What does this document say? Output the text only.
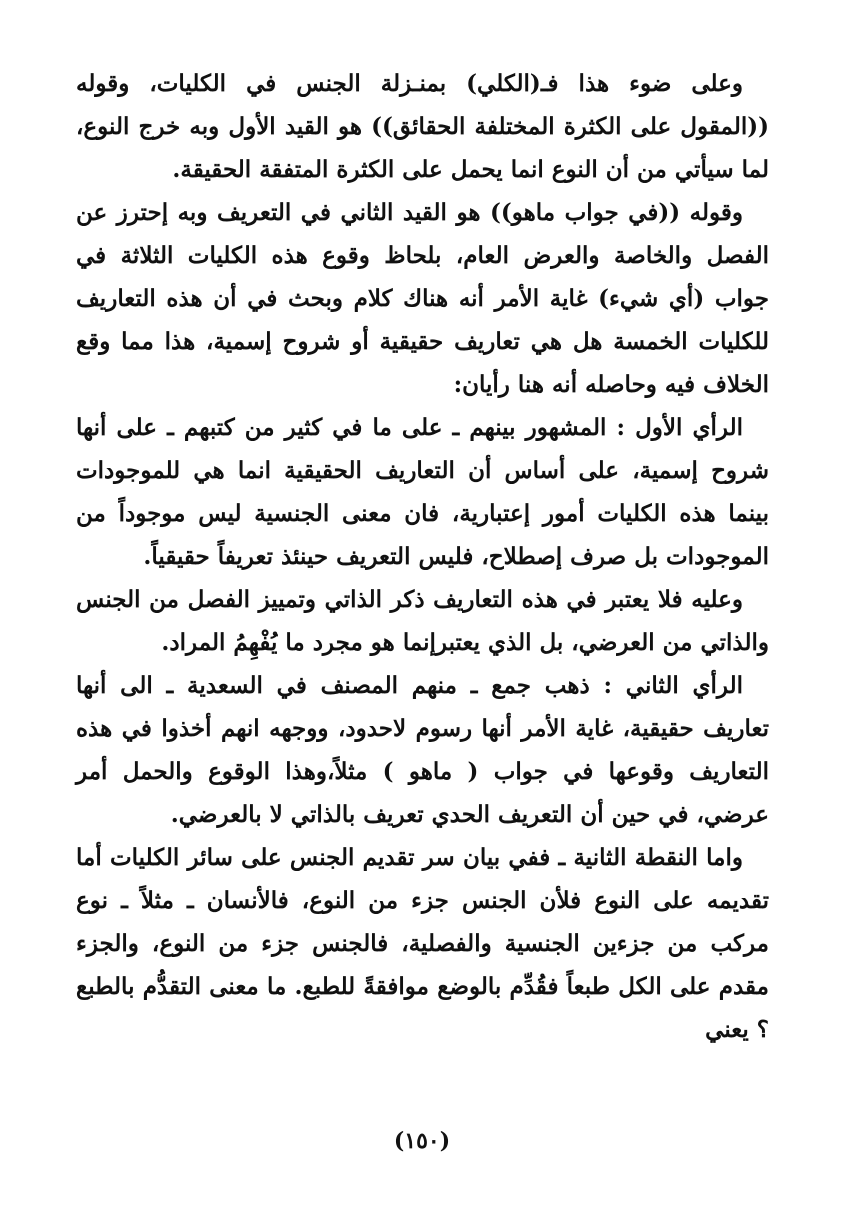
وعلى ضوء هذا فـ(الكلي) بمنـزلة الجنس في الكليات، وقوله ((المقول على الكثرة المختلفة الحقائق)) هو القيد الأول وبه خرج النوع، لما سيأتي من أن النوع انما يحمل على الكثرة المتفقة الحقيقة.

وقوله ((في جواب ماهو)) هو القيد الثاني في التعريف وبه إحترز عن الفصل والخاصة والعرض العام، بلحاظ وقوع هذه الكليات الثلاثة في جواب (أي شيء) غاية الأمر أنه هناك كلام وبحث في أن هذه التعاريف للكليات الخمسة هل هي تعاريف حقيقية أو شروح إسمية، هذا مما وقع الخلاف فيه وحاصله أنه هنا رأيان:

الرأي الأول : المشهور بينهم ـ على ما في كثير من كتبهم ـ على أنها شروح إسمية، على أساس أن التعاريف الحقيقية انما هي للموجودات بينما هذه الكليات أمور إعتبارية، فان معنى الجنسية ليس موجوداً من الموجودات بل صرف إصطلاح، فليس التعريف حينئذ تعريفاً حقيقياً.

وعليه فلا يعتبر في هذه التعاريف ذكر الذاتي وتمييز الفصل من الجنس والذاتي من العرضي، بل الذي يعتبرإنما هو مجرد ما يُفْهِمُ المراد.

الرأي الثاني : ذهب جمع ـ منهم المصنف في السعدية ـ الى أنها تعاريف حقيقية، غاية الأمر أنها رسوم لاحدود، ووجهه انهم أخذوا في هذه التعاريف وقوعها في جواب ( ماهو ) مثلاً،وهذا الوقوع والحمل أمر عرضي، في حين أن التعريف الحدي تعريف بالذاتي لا بالعرضي.

واما النقطة الثانية ـ ففي بيان سر تقديم الجنس على سائر الكليات أما تقديمه على النوع فلأن الجنس جزء من النوع، فالأنسان ـ مثلاً ـ نوع مركب من جزءين الجنسية والفصلية، فالجنس جزء من النوع، والجزء مقدم على الكل طبعاً فقُدِّم بالوضع موافقةً للطبع. ما معنى التقدُّم بالطبع ؟ يعني

(١٥٠)
